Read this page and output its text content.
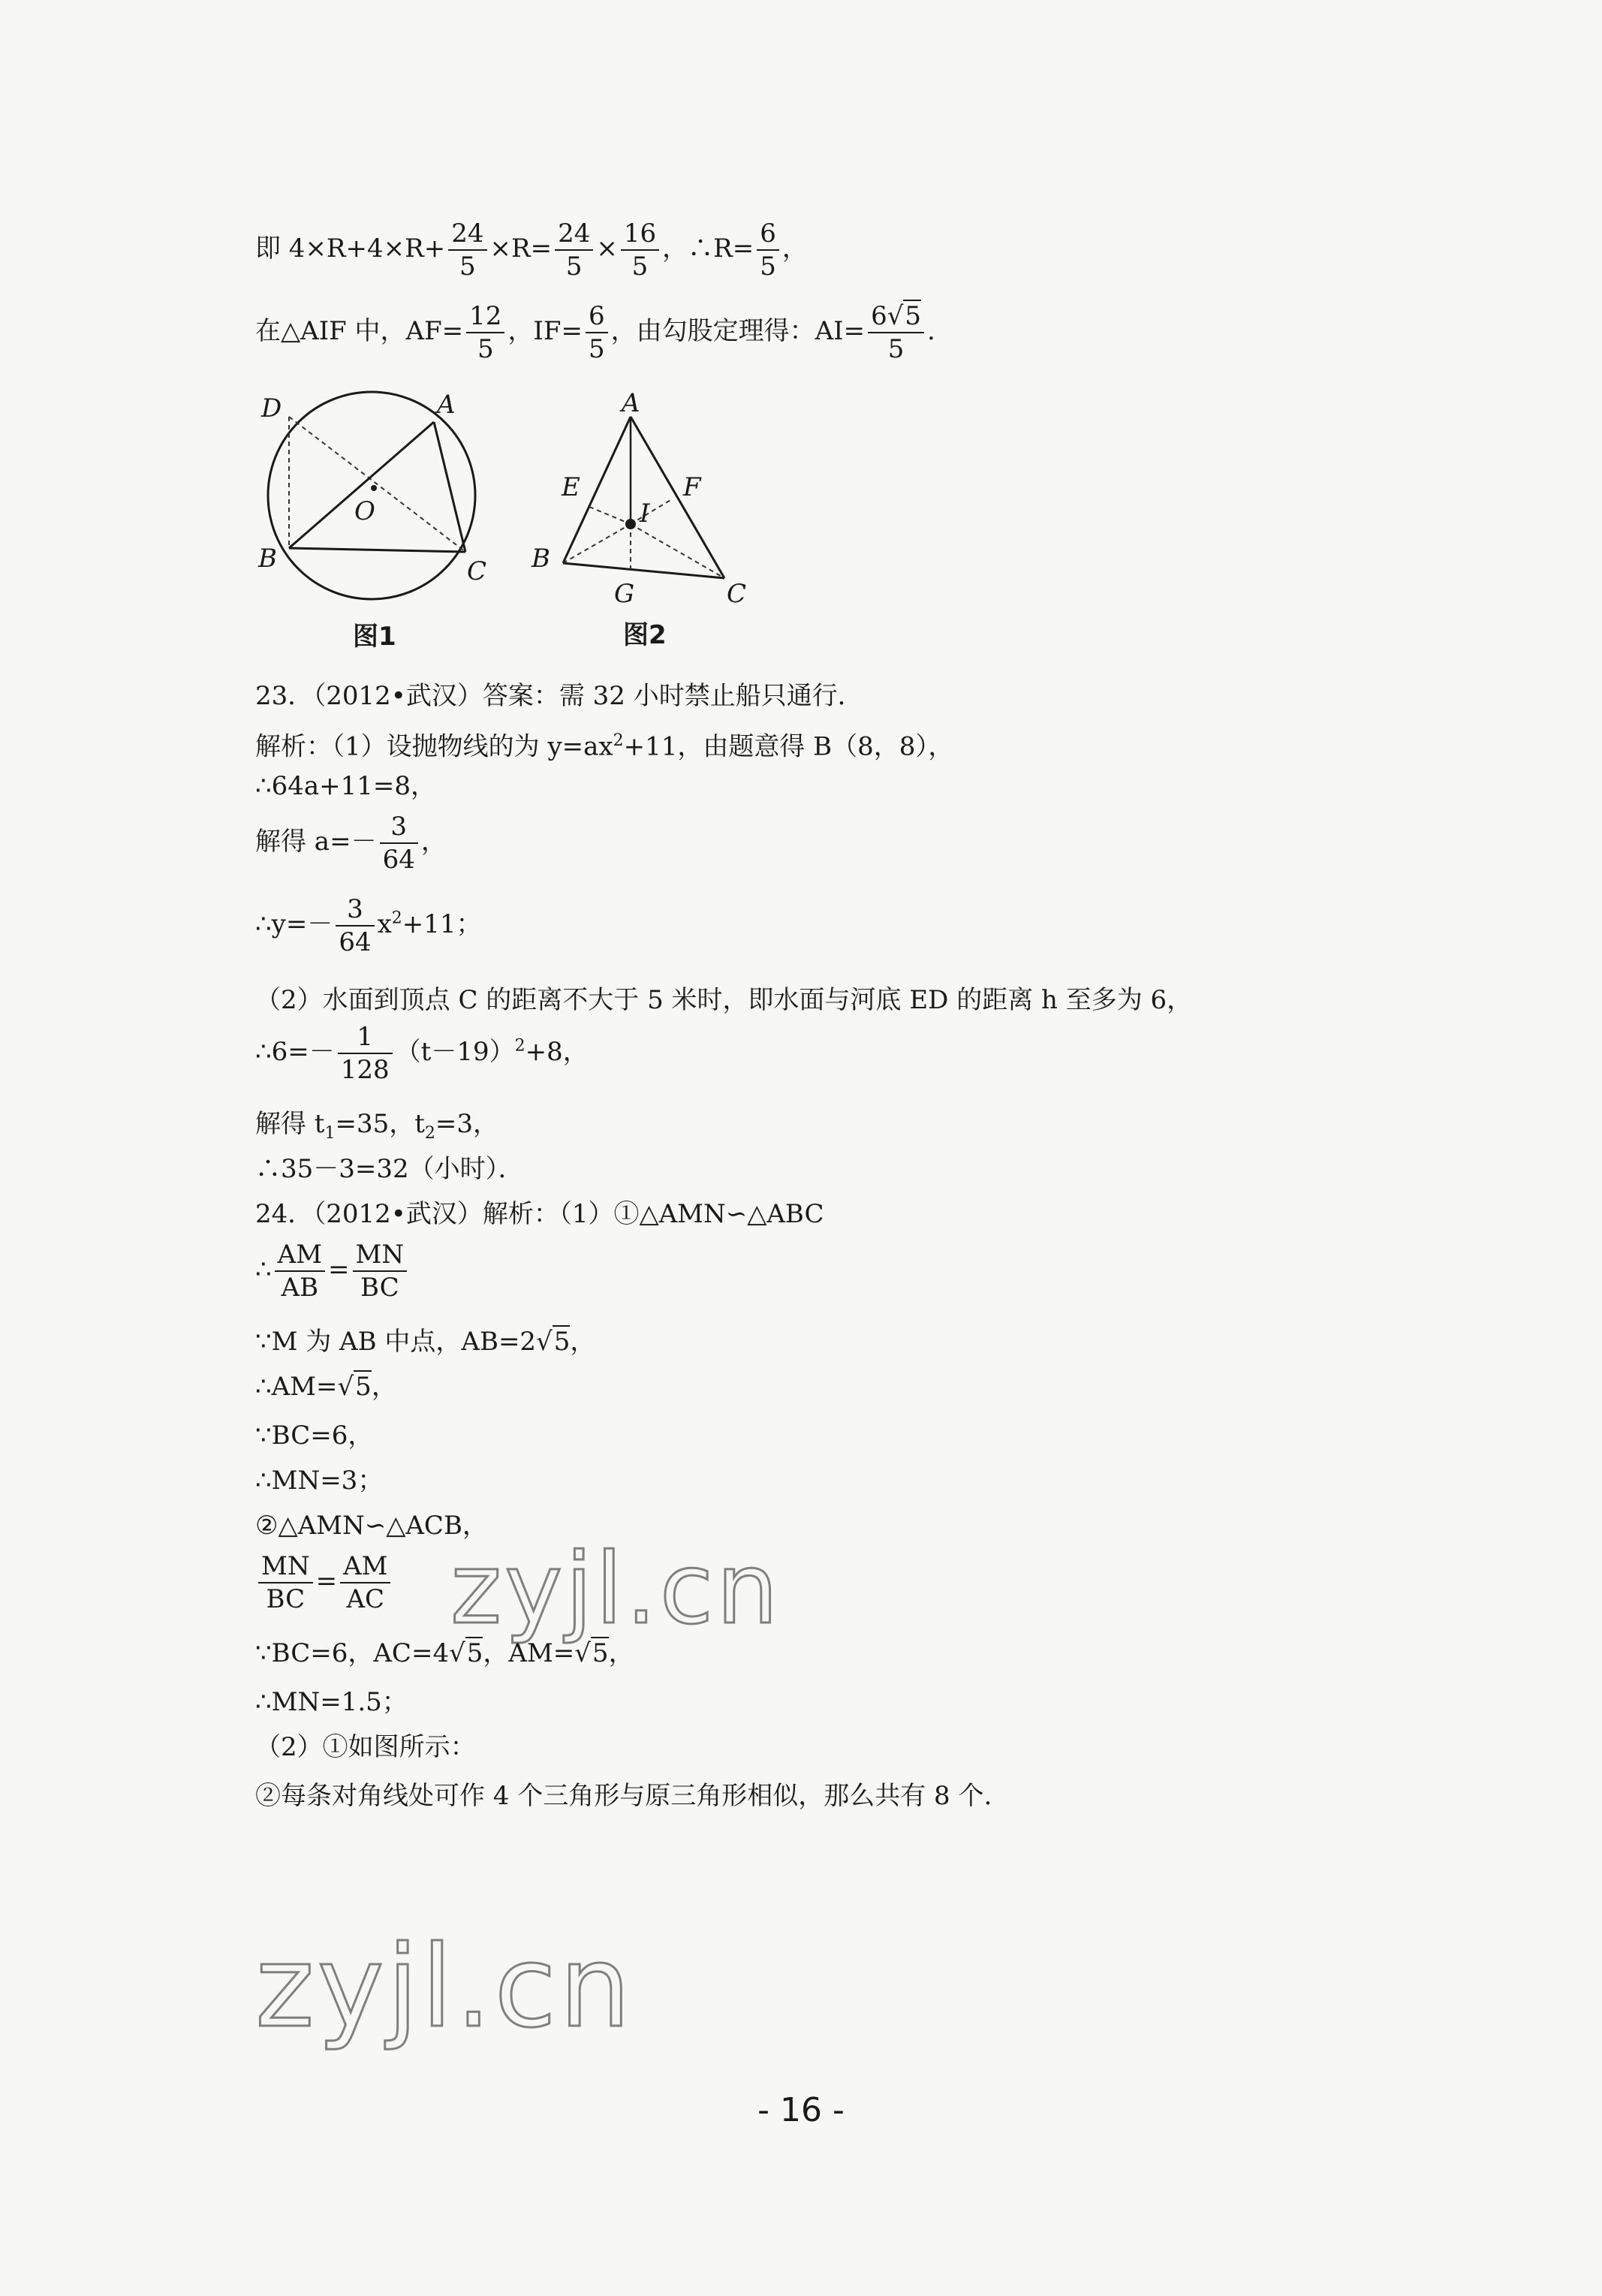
即 $4\times R+4\times R+ \frac{24}{5} \times R= \frac{24}{5} \times \frac{16}{5}$ ，∴R= $\frac{6}{5}$ ，
在△AIF 中，$AF= \frac{12}{5}$ ，$IF= \frac{6}{5}$ ，由勾股定理得：$AI= \frac{6√5}{5}$ .
A
B	C
D
O
图1
A
B
C
E	F
G
I
图2
23．（2012•武汉）答案：需 32 小时禁止船只通行．
解析：（1）设抛物线的为 $y=ax^2+11$，由题意得 B（8，8），
∴64a+11=8，
解得 $a=- \frac{3}{64}$ ，
∴y=－ $\frac{3}{64} x^2+11$；
（2）水面到顶点 C 的距离不大于 5 米时，即水面与河底 ED 的距离 h 至多为 6，
∴6=－ $\frac{1}{128} (t-19)^2+8$，
解得 $t_1=35$，$t_2=3$，
∴35－3=32（小时）．
24．（2012•武汉）解析：（1）①△AMN∽△ABC
∴ $\frac{AM}{AB} = \frac{MN}{BC}$
∵M 为 AB 中点，AB=2√5，
∴AM=√5，
∵BC=6，
∴MN=3；
②△AMN∽△ACB，
$\frac{MN}{BC} = \frac{AM}{AC}$
∵BC=6，AC=4√5，AM=√5，
∴MN=1.5；
（2）①如图所示：
②每条对角线处可作 4 个三角形与原三角形相似，那么共有 8 个.
zyjl.cn
zyjl.cn
- 16 -
